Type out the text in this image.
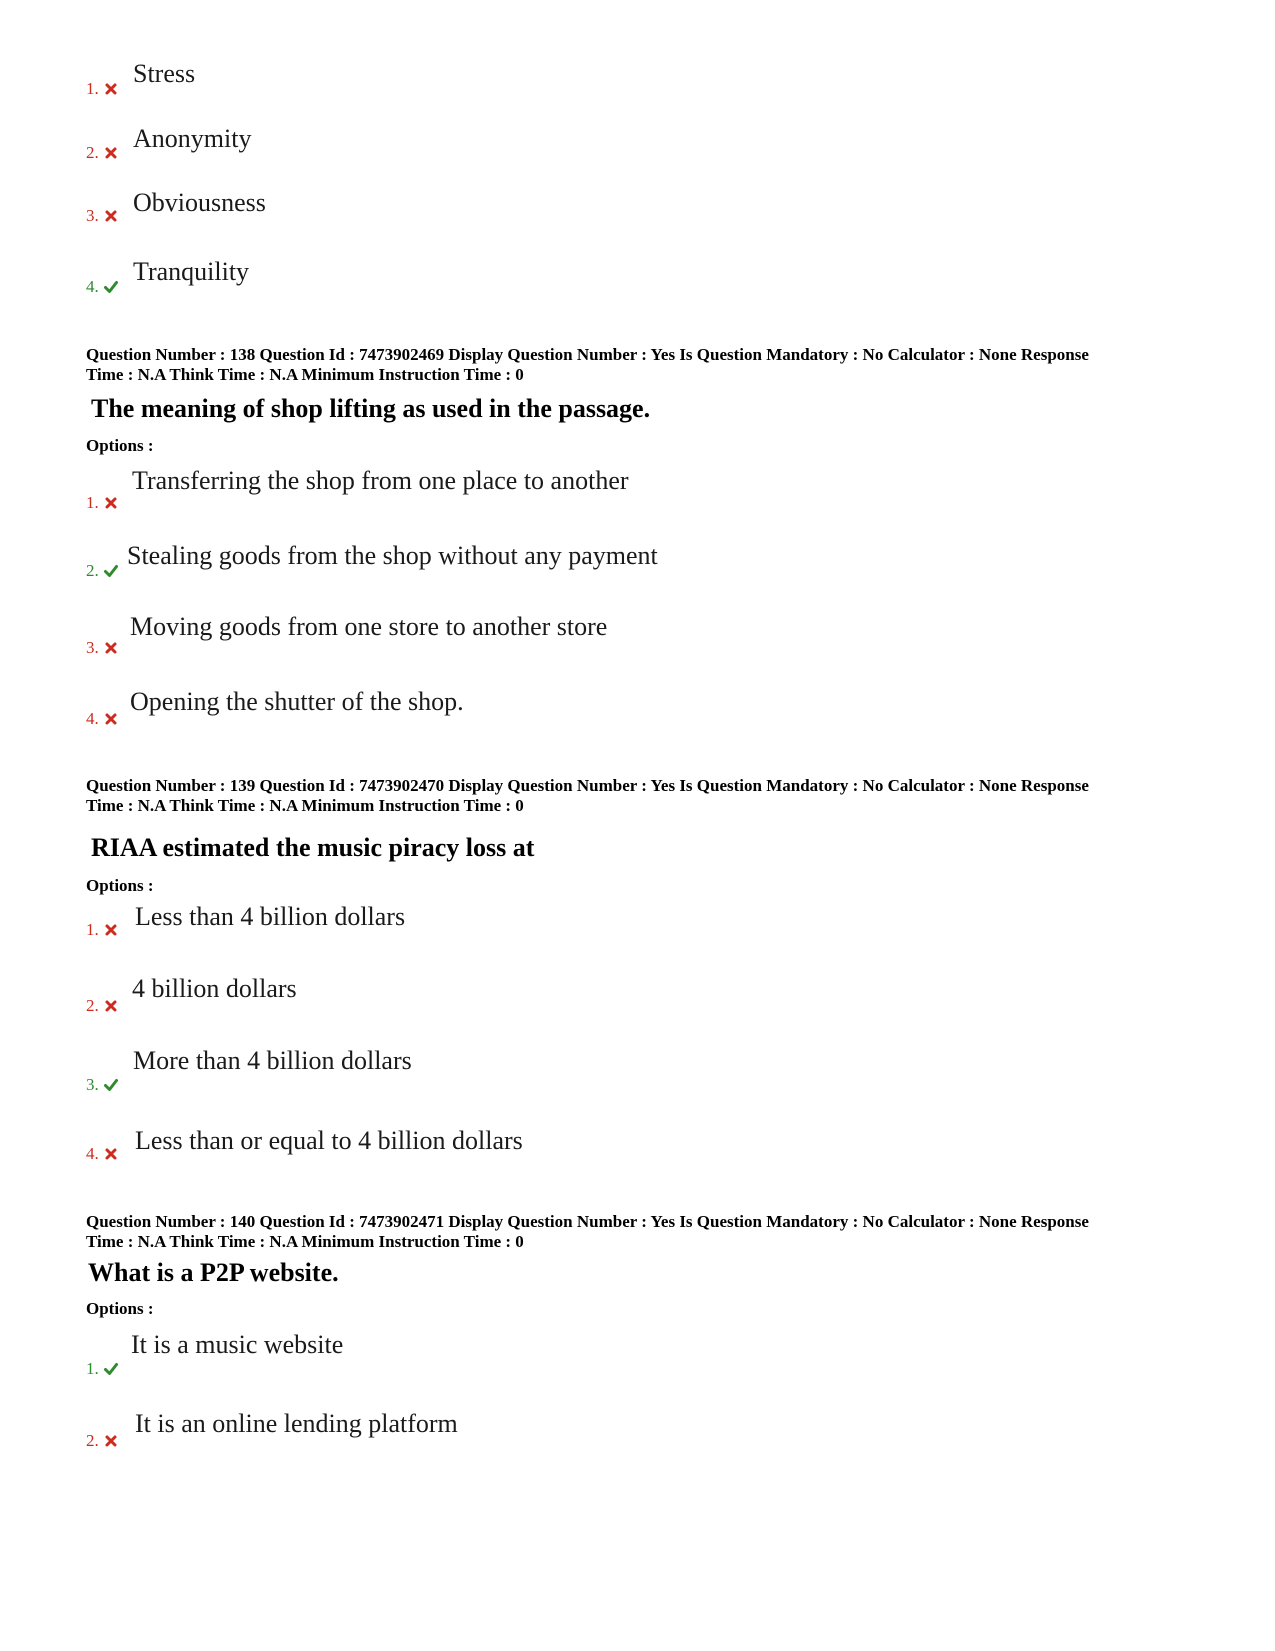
1.
Stress
2.	Anonymity
3.	Obviousness
4.
Tranquility
Question Number : 138 Question Id : 7473902469 Display Question Number : Yes Is Question Mandatory : No Calculator : None Response
Time : N.A Think Time : N.A Minimum Instruction Time : 0
The meaning of shop lifting as used in the passage.
Options :
1.
Transferring the shop from one place to another
2.
Stealing goods from the shop without any payment
3.
Moving goods from one store to another store
4.
Opening the shutter of the shop.
Question Number : 139 Question Id : 7473902470 Display Question Number : Yes Is Question Mandatory : No Calculator : None Response
Time : N.A Think Time : N.A Minimum Instruction Time : 0
RIAA estimated the music piracy loss at
Options :
1.	Less than 4 billion dollars
2.
4 billion dollars
3.
More than 4 billion dollars
4.	Less than or equal to 4 billion dollars
Question Number : 140 Question Id : 7473902471 Display Question Number : Yes Is Question Mandatory : No Calculator : None Response
Time : N.A Think Time : N.A Minimum Instruction Time : 0
What is a P2P website.
Options :
1.
It is a music website
2.
It is an online lending platform
